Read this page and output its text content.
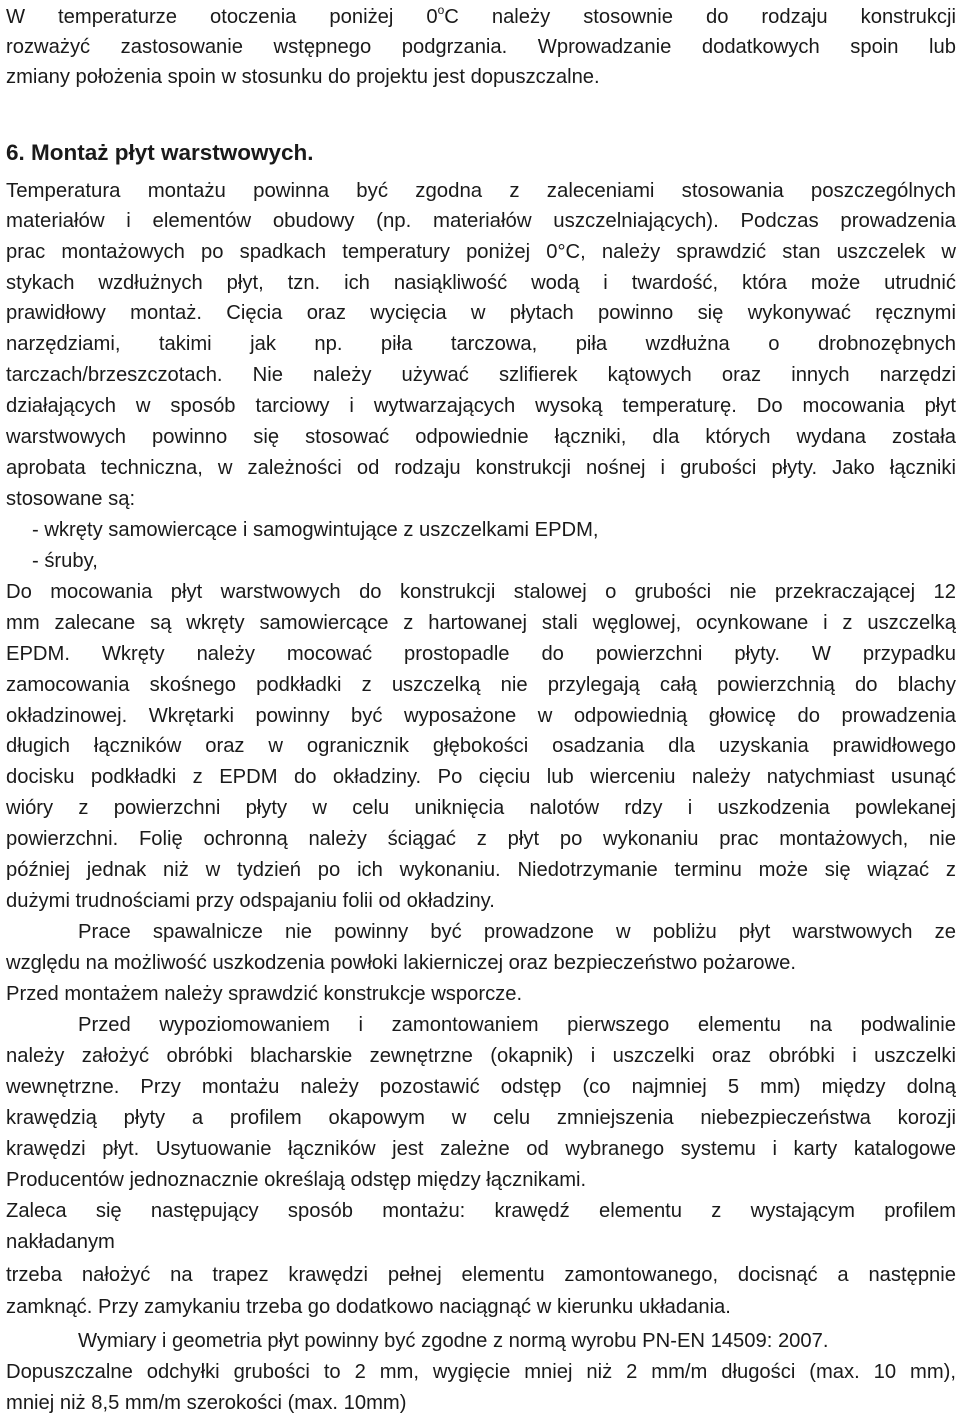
W temperaturze otoczenia poniżej 0$^o$C należy stosownie do rodzaju konstrukcji
rozważyć zastosowanie wstępnego podgrzania. Wprowadzanie dodatkowych spoin lub
zmiany położenia spoin w stosunku do projektu jest dopuszczalne.
6. Montaż płyt warstwowych.
Temperatura montażu powinna być zgodna z zaleceniami stosowania poszczególnych
materiałów i elementów obudowy (np. materiałów uszczelniających). Podczas prowadzenia
prac montażowych po spadkach temperatury poniżej 0°C, należy sprawdzić stan uszczelek w
stykach wzdłużnych płyt, tzn. ich nasiąkliwość wodą i twardość, która może utrudnić
prawidłowy montaż. Cięcia oraz wycięcia w płytach powinno się wykonywać ręcznymi
narzędziami, takimi jak np. piła tarczowa, piła wzdłużna o drobnozębnych
tarczach/brzeszczotach. Nie należy używać szlifierek kątowych oraz innych narzędzi
działających w sposób tarciowy i wytwarzających wysoką temperaturę. Do mocowania płyt
warstwowych powinno się stosować odpowiednie łączniki, dla których wydana została
aprobata techniczna, w zależności od rodzaju konstrukcji nośnej i grubości płyty. Jako łączniki
stosowane są:
- wkręty samowiercące i samogwintujące z uszczelkami EPDM,
- śruby,
Do mocowania płyt warstwowych do konstrukcji stalowej o grubości nie przekraczającej 12
mm zalecane są wkręty samowiercące z hartowanej stali węglowej, ocynkowane i z uszczelką
EPDM. Wkręty należy mocować prostopadle do powierzchni płyty. W przypadku
zamocowania skośnego podkładki z uszczelką nie przylegają całą powierzchnią do blachy
okładzinowej. Wkrętarki powinny być wyposażone w odpowiednią głowicę do prowadzenia
długich łączników oraz w ogranicznik głębokości osadzania dla uzyskania prawidłowego
docisku podkładki z EPDM do okładziny. Po cięciu lub wierceniu należy natychmiast usunąć
wióry z powierzchni płyty w celu uniknięcia nalotów rdzy i uszkodzenia powlekanej
powierzchni. Folię ochronną należy ściągać z płyt po wykonaniu prac montażowych, nie
później jednak niż w tydzień po ich wykonaniu. Niedotrzymanie terminu może się wiązać z
dużymi trudnościami przy odspajaniu folii od okładziny.
Prace spawalnicze nie powinny być prowadzone w pobliżu płyt warstwowych ze
względu na możliwość uszkodzenia powłoki lakierniczej oraz bezpieczeństwo pożarowe.
Przed montażem należy sprawdzić konstrukcje wsporcze.
Przed wypoziomowaniem i zamontowaniem pierwszego elementu na podwalinie
należy założyć obróbki blacharskie zewnętrzne (okapnik) i uszczelki oraz obróbki i uszczelki
wewnętrzne. Przy montażu należy pozostawić odstęp (co najmniej 5 mm) między dolną
krawędzią płyty a profilem okapowym w celu zmniejszenia niebezpieczeństwa korozji
krawędzi płyt. Usytuowanie łączników jest zależne od wybranego systemu i karty katalogowe
Producentów jednoznacznie określają odstęp między łącznikami.
Zaleca się następujący sposób montażu: krawędź elementu z wystającym profilem
nakładanym
trzeba nałożyć na trapez krawędzi pełnej elementu zamontowanego, docisnąć a następnie
zamknąć. Przy zamykaniu trzeba go dodatkowo naciągnąć w kierunku układania.
Wymiary i geometria płyt powinny być zgodne z normą wyrobu PN-EN 14509: 2007.
Dopuszczalne odchyłki grubości to 2 mm, wygięcie mniej niż 2 mm/m długości (max. 10 mm),
mniej niż 8,5 mm/m szerokości (max. 10mm)
